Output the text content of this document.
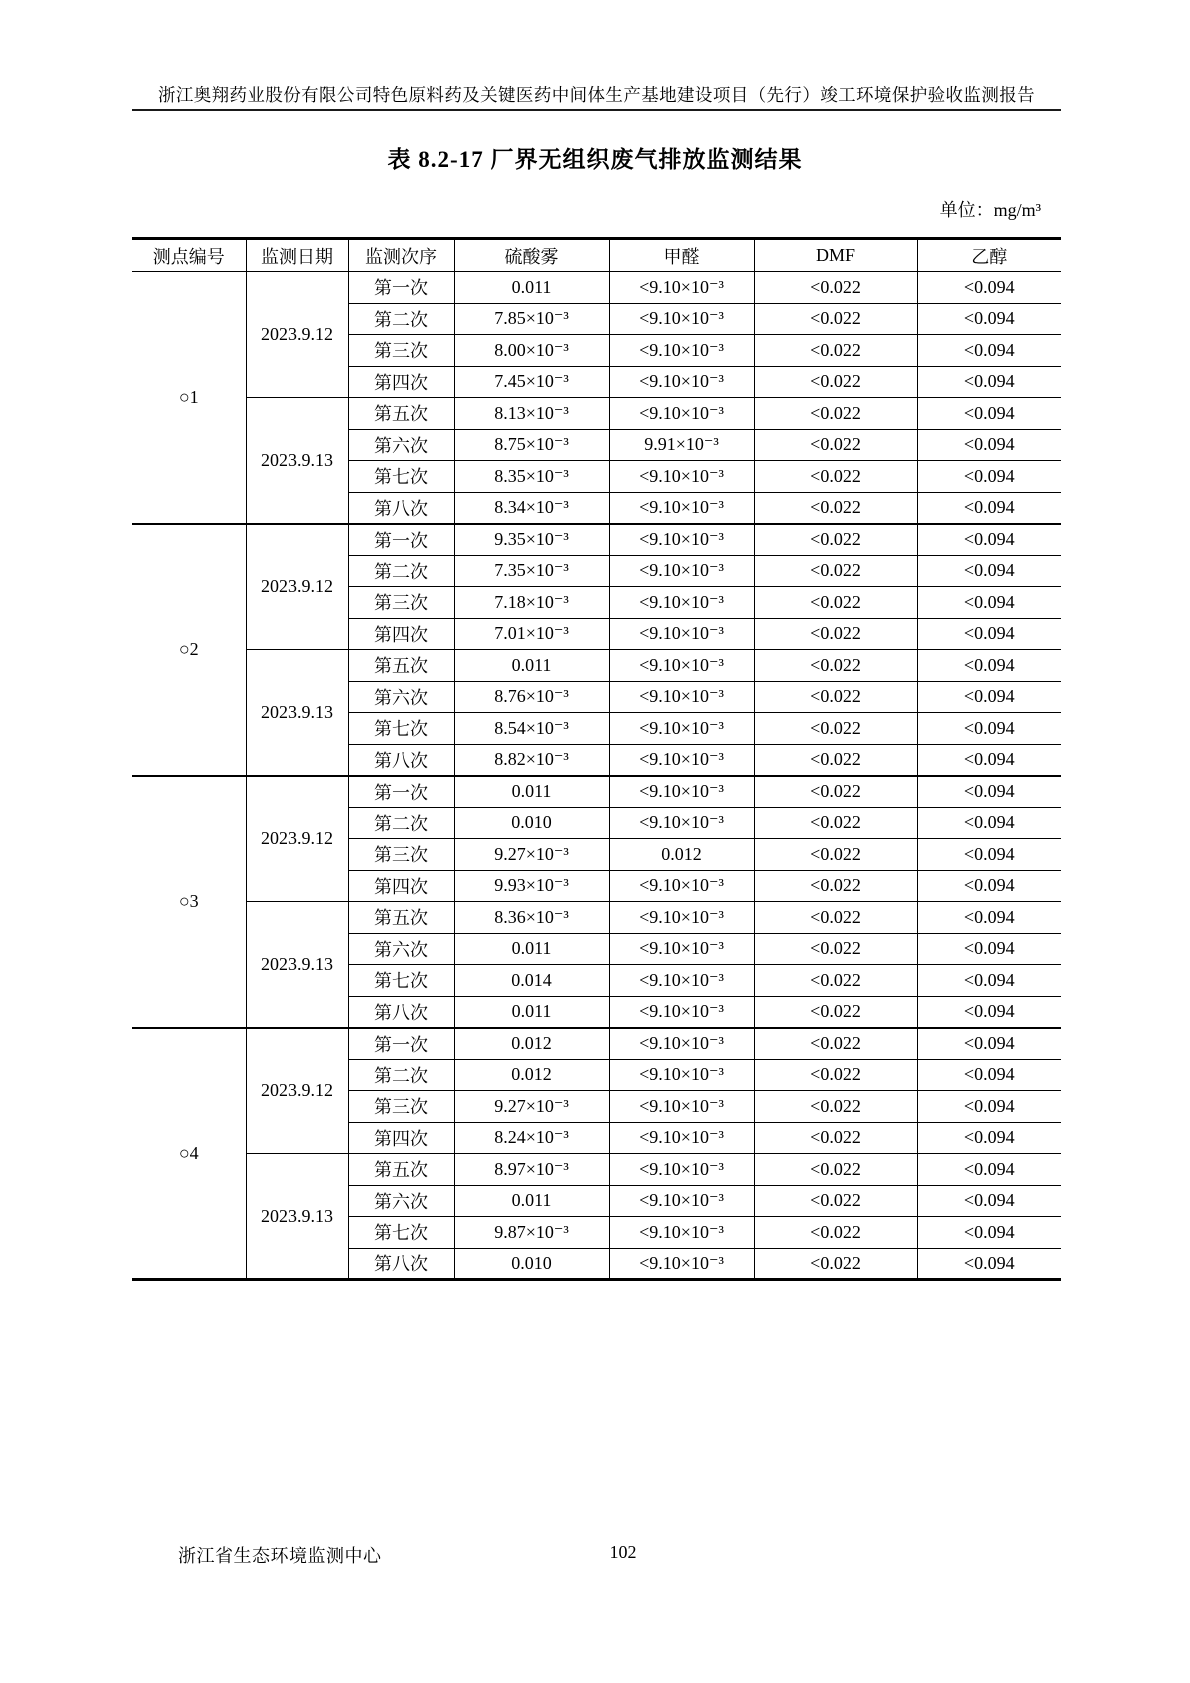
浙江奥翔药业股份有限公司特色原料药及关键医药中间体生产基地建设项目（先行）竣工环境保护验收监测报告
表 8.2-17 厂界无组织废气排放监测结果
单位：mg/m³
测点编号	监测日期	监测次序	硫酸雾	甲醛	DMF	乙醇
○1	2023.9.12	第一次	0.011	<9.10×10⁻³	<0.022	<0.094
		第二次	7.85×10⁻³	<9.10×10⁻³	<0.022	<0.094
		第三次	8.00×10⁻³	<9.10×10⁻³	<0.022	<0.094
		第四次	7.45×10⁻³	<9.10×10⁻³	<0.022	<0.094
	2023.9.13	第五次	8.13×10⁻³	<9.10×10⁻³	<0.022	<0.094
		第六次	8.75×10⁻³	9.91×10⁻³	<0.022	<0.094
		第七次	8.35×10⁻³	<9.10×10⁻³	<0.022	<0.094
		第八次	8.34×10⁻³	<9.10×10⁻³	<0.022	<0.094
○2	2023.9.12	第一次	9.35×10⁻³	<9.10×10⁻³	<0.022	<0.094
		第二次	7.35×10⁻³	<9.10×10⁻³	<0.022	<0.094
		第三次	7.18×10⁻³	<9.10×10⁻³	<0.022	<0.094
		第四次	7.01×10⁻³	<9.10×10⁻³	<0.022	<0.094
	2023.9.13	第五次	0.011	<9.10×10⁻³	<0.022	<0.094
		第六次	8.76×10⁻³	<9.10×10⁻³	<0.022	<0.094
		第七次	8.54×10⁻³	<9.10×10⁻³	<0.022	<0.094
		第八次	8.82×10⁻³	<9.10×10⁻³	<0.022	<0.094
○3	2023.9.12	第一次	0.011	<9.10×10⁻³	<0.022	<0.094
		第二次	0.010	<9.10×10⁻³	<0.022	<0.094
		第三次	9.27×10⁻³	0.012	<0.022	<0.094
		第四次	9.93×10⁻³	<9.10×10⁻³	<0.022	<0.094
	2023.9.13	第五次	8.36×10⁻³	<9.10×10⁻³	<0.022	<0.094
		第六次	0.011	<9.10×10⁻³	<0.022	<0.094
		第七次	0.014	<9.10×10⁻³	<0.022	<0.094
		第八次	0.011	<9.10×10⁻³	<0.022	<0.094
○4	2023.9.12	第一次	0.012	<9.10×10⁻³	<0.022	<0.094
		第二次	0.012	<9.10×10⁻³	<0.022	<0.094
		第三次	9.27×10⁻³	<9.10×10⁻³	<0.022	<0.094
		第四次	8.24×10⁻³	<9.10×10⁻³	<0.022	<0.094
	2023.9.13	第五次	8.97×10⁻³	<9.10×10⁻³	<0.022	<0.094
		第六次	0.011	<9.10×10⁻³	<0.022	<0.094
		第七次	9.87×10⁻³	<9.10×10⁻³	<0.022	<0.094
		第八次	0.010	<9.10×10⁻³	<0.022	<0.094
浙江省生态环境监测中心	102
